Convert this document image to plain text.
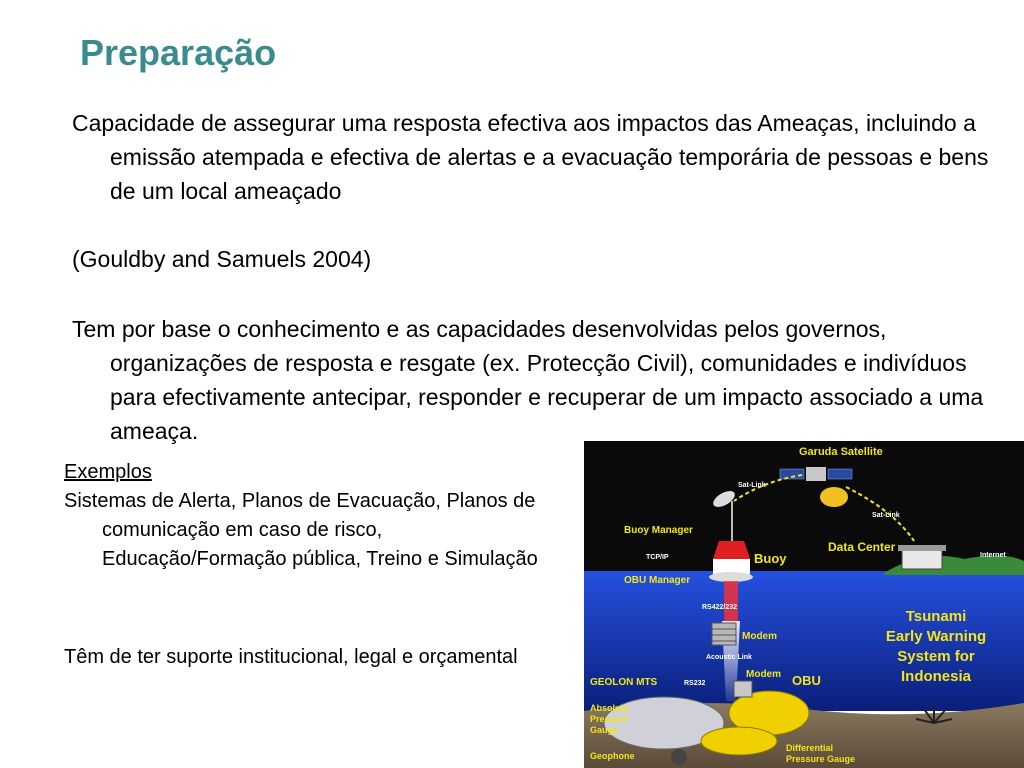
Preparação

Capacidade de assegurar uma resposta efectiva aos impactos das Ameaças, incluindo a emissão atempada e efectiva de alertas e a evacuação temporária de pessoas e bens de um local ameaçado

(Gouldby and Samuels 2004)

Tem por base o conhecimento e as capacidades desenvolvidas pelos governos, organizações de resposta e resgate (ex. Protecção Civil), comunidades e indivíduos para efectivamente antecipar, responder e recuperar de um impacto associado a uma ameaça.

Exemplos

Sistemas de Alerta, Planos de Evacuação, Planos de comunicação em caso de risco, Educação/Formação pública, Treino e Simulação

Têm de ter suporte institucional, legal e orçamental

Garuda Satellite
Sat-Link
Sat-Link
Buoy Manager
TCP/IP	Buoy
Data Center
Internet
OBU Manager
RS422/232
Modem
Acoustic Link
Modem
GEOLON MTS	RS232	OBU
Absolute
Pressure
Gauge
Geophone
Differential
Pressure Gauge
Tsunami
Early Warning
System for
Indonesia
